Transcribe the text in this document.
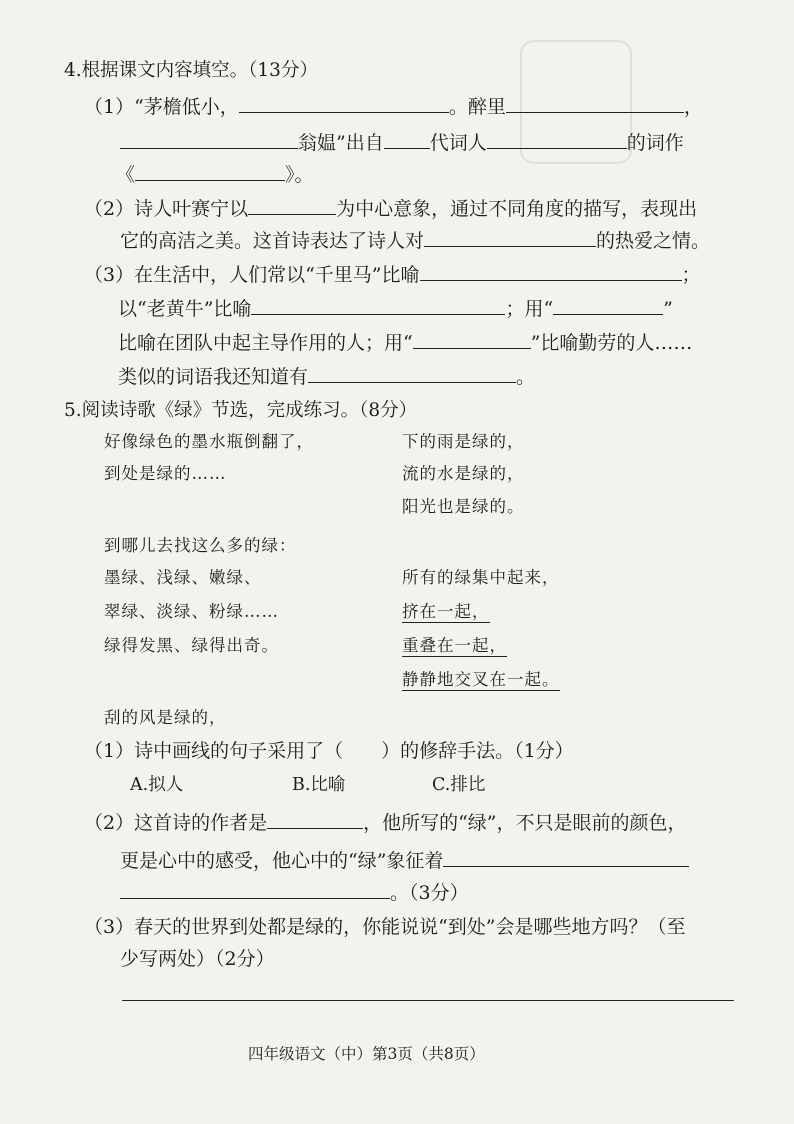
4.根据课文内容填空。（13分）
（1）“茅檐低小，	。醉里	，
翁媪”出自 代词人	的词作
《	》。
（2）诗人叶赛宁以	为中心意象，通过不同角度的描写，表现出
它的高洁之美。这首诗表达了诗人对	的热爱之情。
（3）在生活中，人们常以“千里马”比喻	；
以“老黄牛”比喻	；用“	”
比喻在团队中起主导作用的人；用“	”比喻勤劳的人……
类似的词语我还知道有	。
5.阅读诗歌《绿》节选，完成练习。（8分）
好像绿色的墨水瓶倒翻了，
到处是绿的……
下的雨是绿的，
流的水是绿的，
阳光也是绿的。
到哪儿去找这么多的绿：
墨绿、浅绿、嫩绿、
翠绿、淡绿、粉绿……
绿得发黑、绿得出奇。
所有的绿集中起来，
挤在一起，
重叠在一起，
静静地交叉在一起。
刮的风是绿的，
（1）诗中画线的句子采用了（ ）的修辞手法。（1分）
A.拟人	B.比喻	C.排比
（2）这首诗的作者是	，他所写的“绿”，不只是眼前的颜色，
更是心中的感受，他心中的“绿”象征着
。（3分）
（3）春天的世界到处都是绿的，你能说说“到处”会是哪些地方吗？（至
少写两处）（2分）
四年级语文（中）第3页（共8页）
